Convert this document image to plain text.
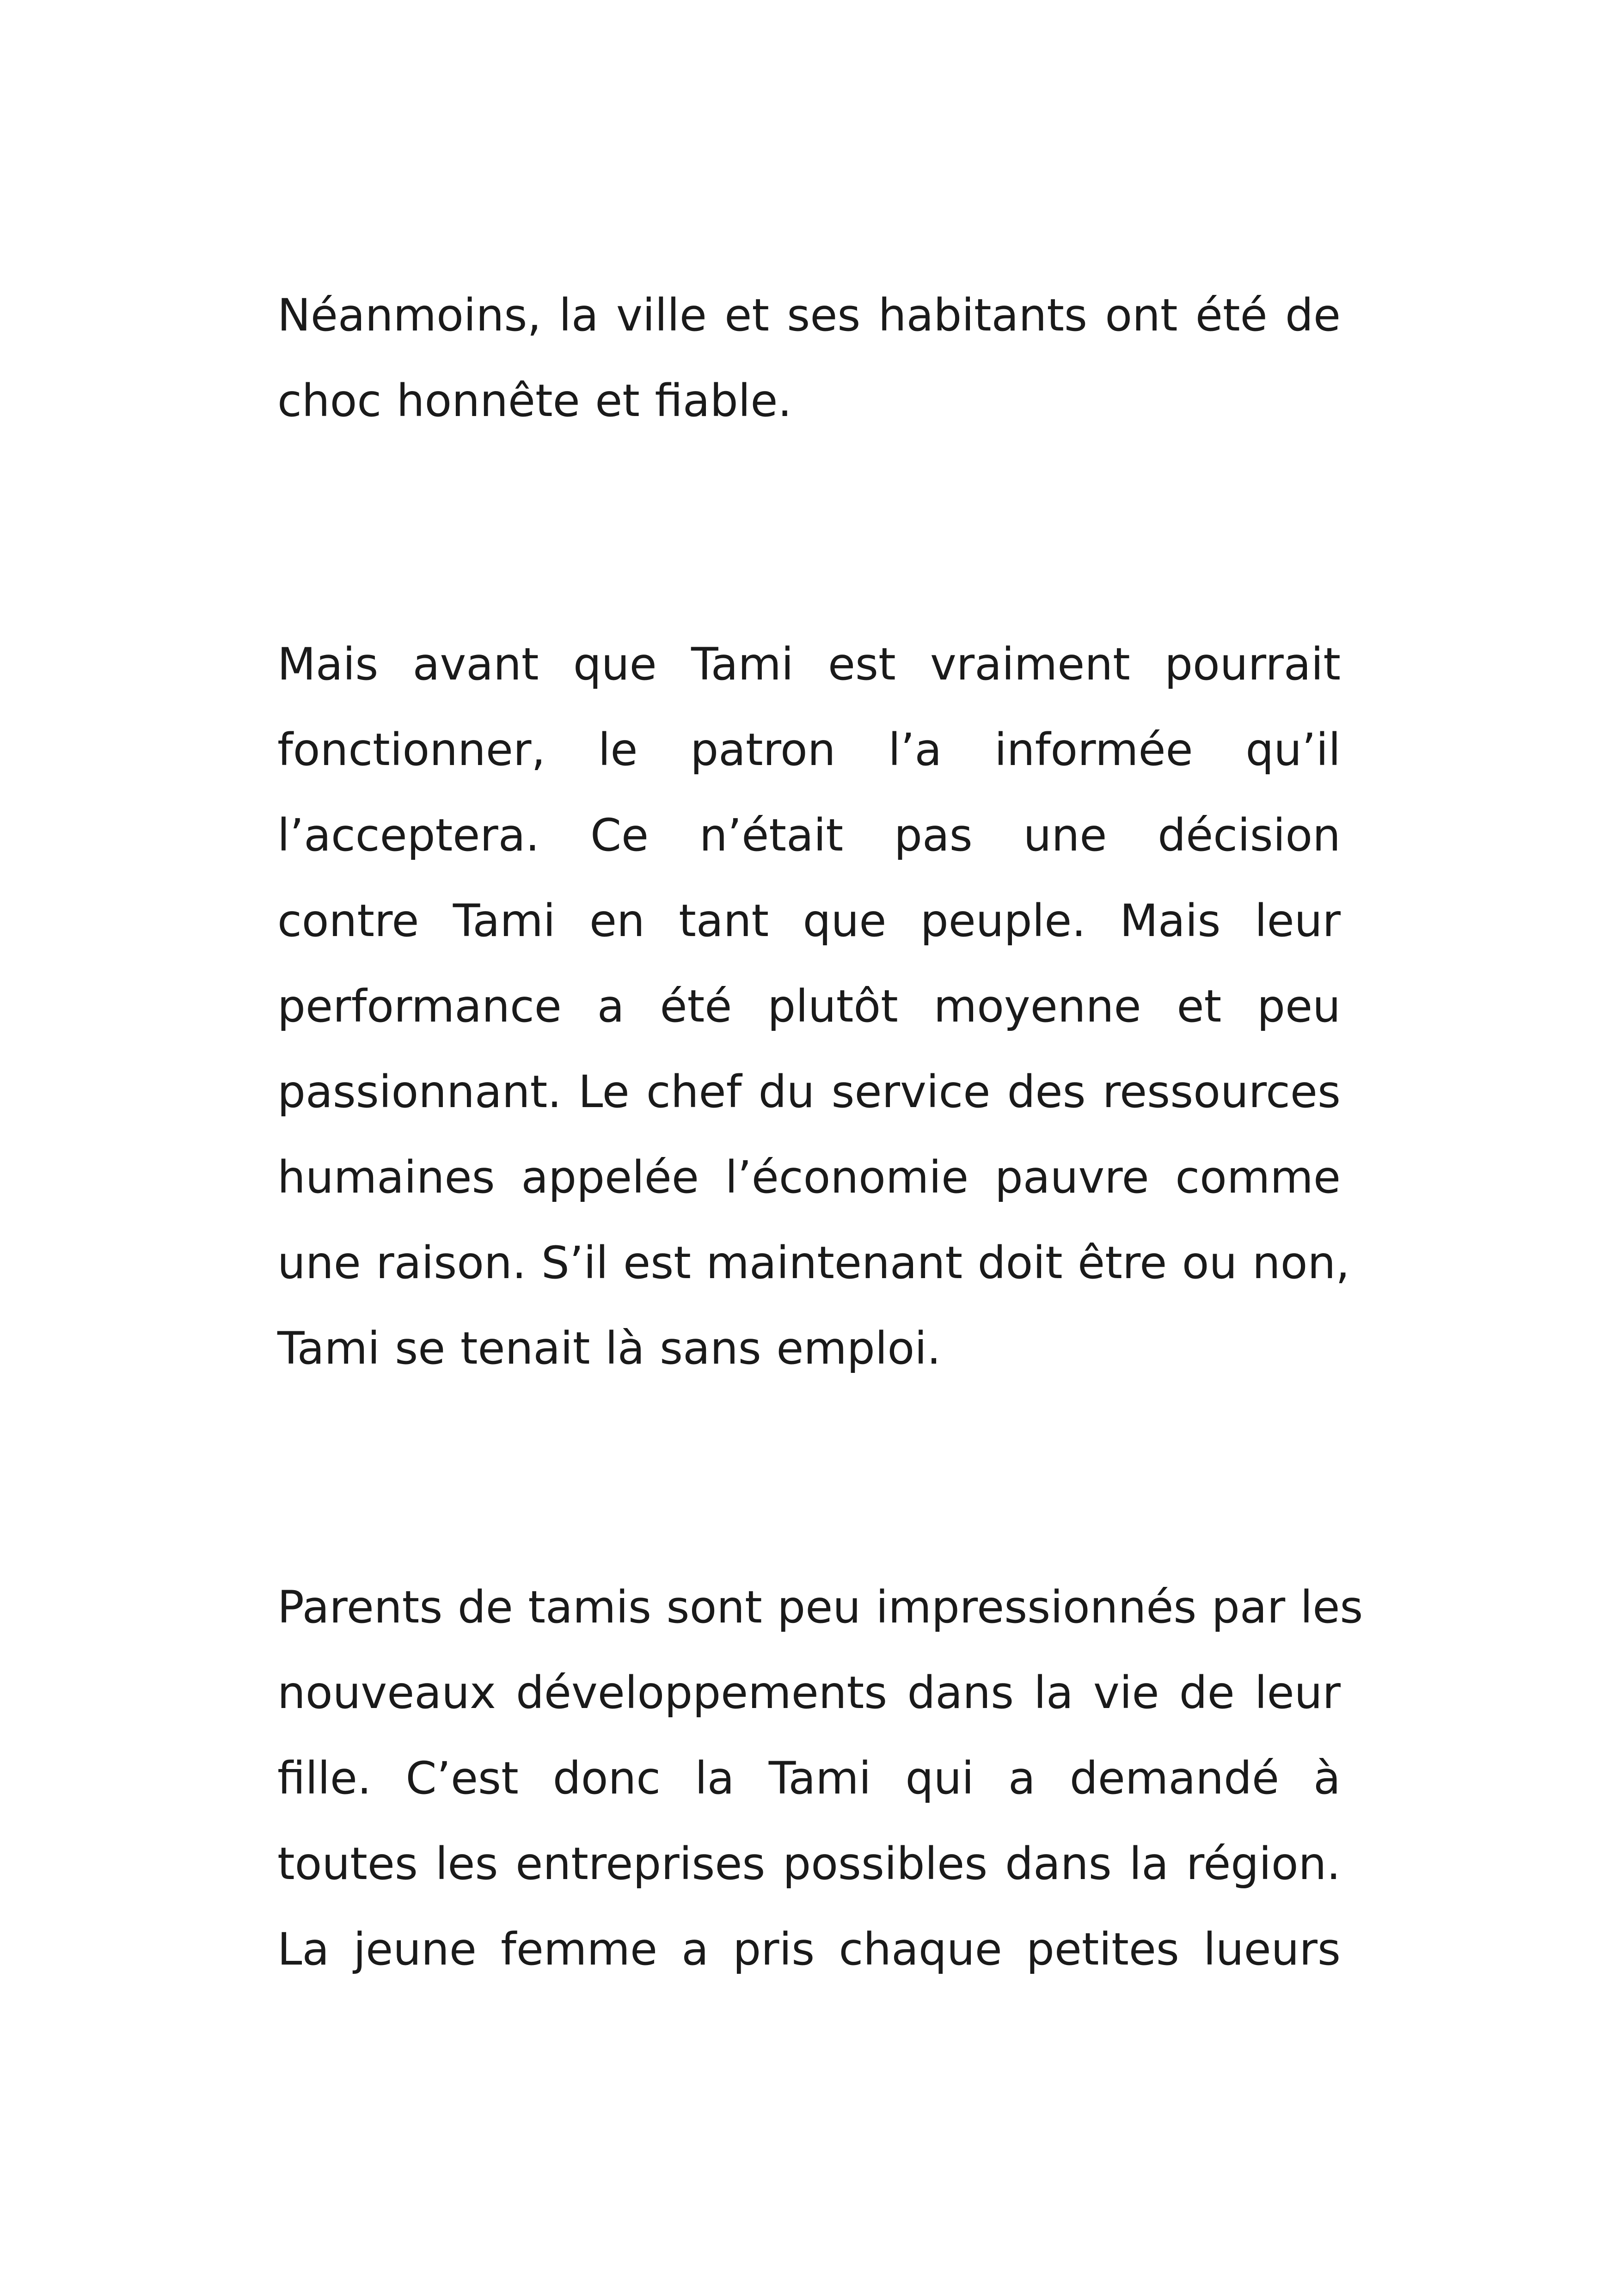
Néanmoins, la ville et ses habitants ont été de
choc honnête et fiable.

Mais avant que Tami est vraiment pourrait
fonctionner, le patron l’a informée qu’il
l’acceptera. Ce n’était pas une décision
contre Tami en tant que peuple. Mais leur
performance a été plutôt moyenne et peu
passionnant. Le chef du service des ressources
humaines appelée l’économie pauvre comme
une raison. S’il est maintenant doit être ou non,
Tami se tenait là sans emploi.

Parents de tamis sont peu impressionnés par les
nouveaux développements dans la vie de leur
fille. C’est donc la Tami qui a demandé à
toutes les entreprises possibles dans la région.
La jeune femme a pris chaque petites lueurs
